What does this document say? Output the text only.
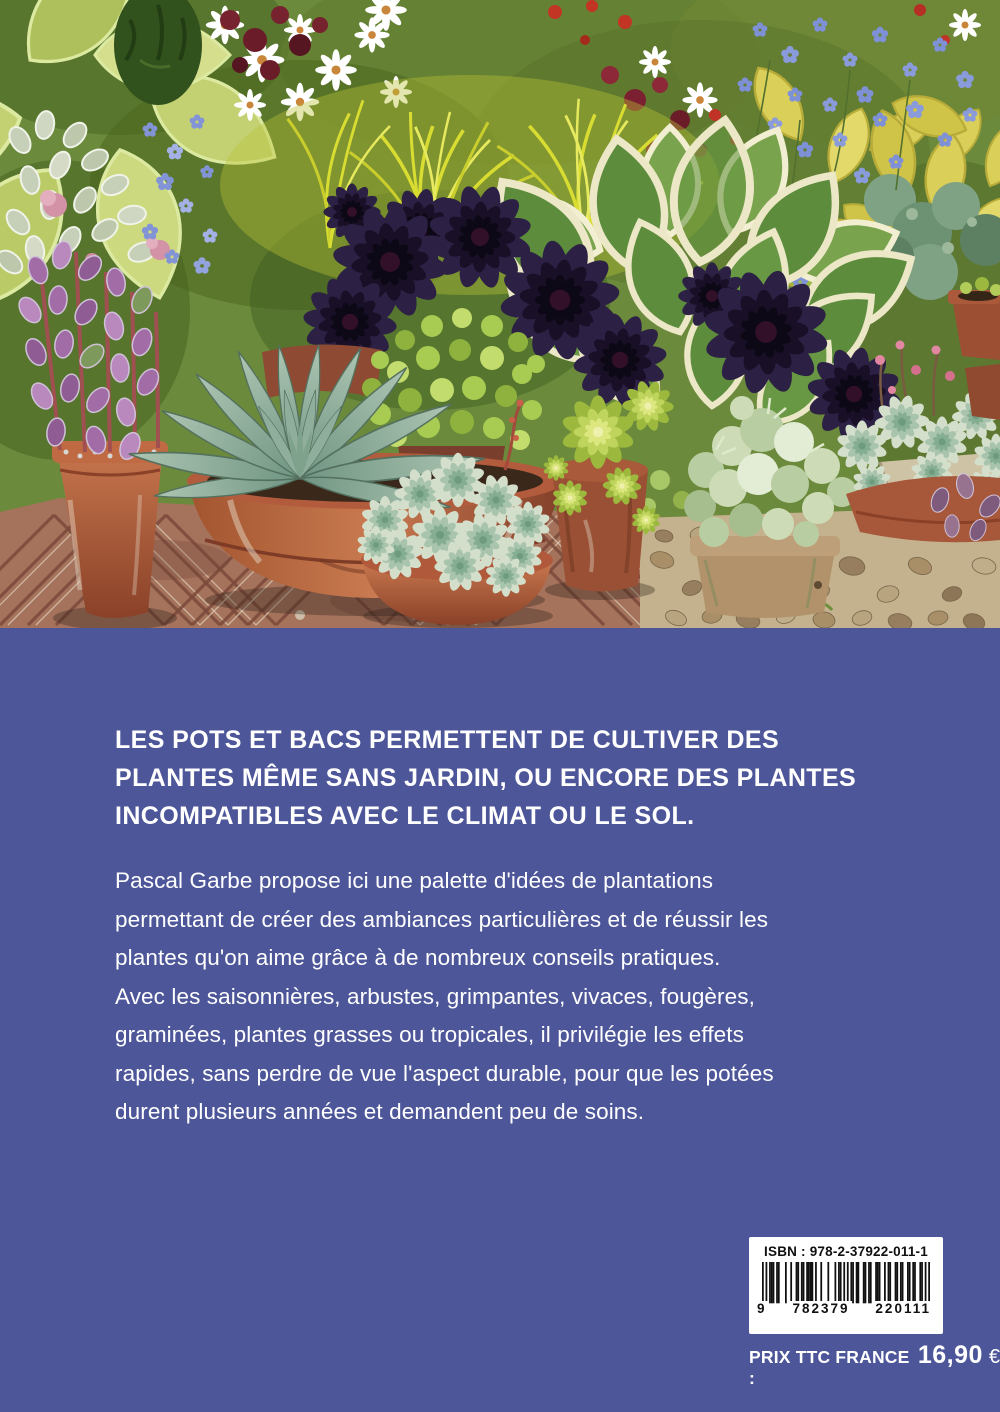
LES POTS ET BACS PERMETTENT DE CULTIVER DES
PLANTES MÊME SANS JARDIN, OU ENCORE DES PLANTES
INCOMPATIBLES AVEC LE CLIMAT OU LE SOL.
Pascal Garbe propose ici une palette d'idées de plantations
permettant de créer des ambiances particulières et de réussir les
plantes qu'on aime grâce à de nombreux conseils pratiques.
Avec les saisonnières, arbustes, grimpantes, vivaces, fougères,
graminées, plantes grasses ou tropicales, il privilégie les effets
rapides, sans perdre de vue l'aspect durable, pour que les potées
durent plusieurs années et demandent peu de soins.
ISBN : 978-2-37922-011-1
9 782379 220111
PRIX TTC FRANCE :
16,90 €
